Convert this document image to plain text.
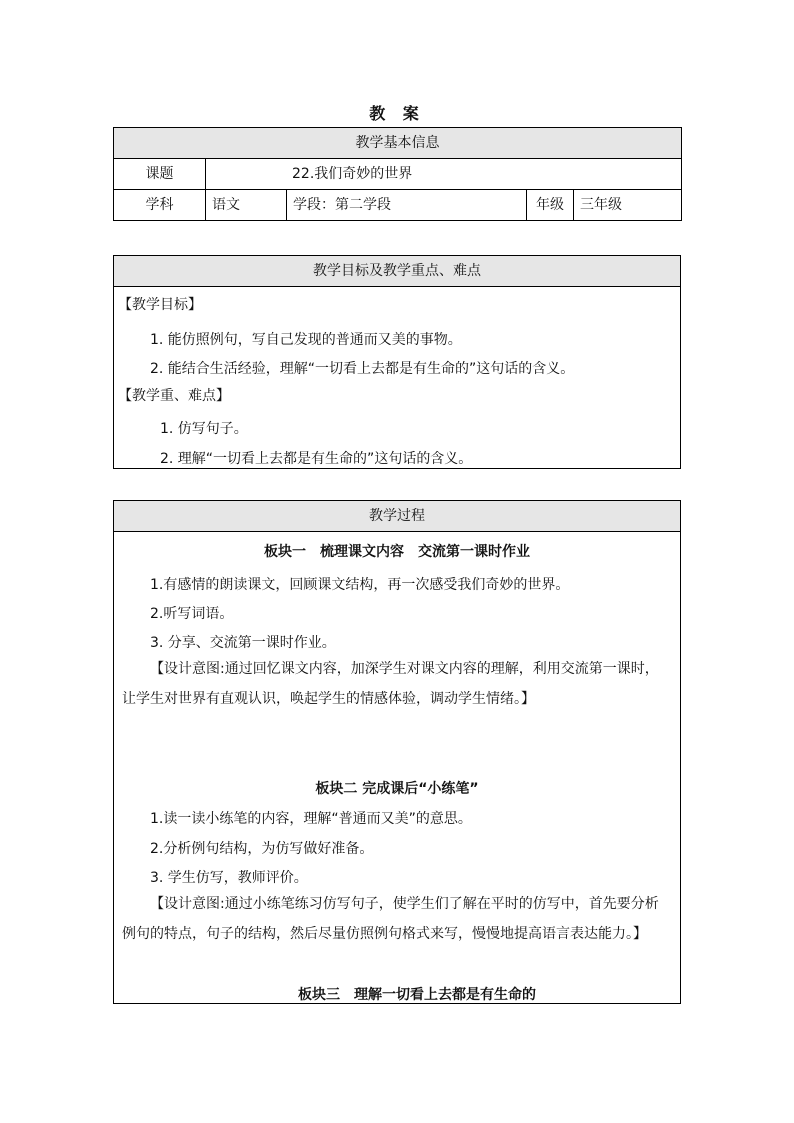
教 案
教学基本信息				
课题	22.我们奇妙的世界			
学科	语文	学段：第二学段	年级	三年级
教学目标及教学重点、难点
【教学目标】
1. 能仿照例句，写自己发现的普通而又美的事物。
2. 能结合生活经验，理解“一切看上去都是有生命的”这句话的含义。
【教学重、难点】
1. 仿写句子。
2. 理解“一切看上去都是有生命的”这句话的含义。
教学过程
板块一　梳理课文内容　交流第一课时作业
1.有感情的朗读课文，回顾课文结构，再一次感受我们奇妙的世界。
2.听写词语。
3. 分享、交流第一课时作业。
【设计意图:通过回忆课文内容，加深学生对课文内容的理解，利用交流第一课时，让学生对世界有直观认识，唤起学生的情感体验，调动学生情绪。】
板块二 完成课后“小练笔”
1.读一读小练笔的内容，理解“普通而又美”的意思。
2.分析例句结构，为仿写做好准备。
3. 学生仿写，教师评价。
【设计意图:通过小练笔练习仿写句子，使学生们了解在平时的仿写中，首先要分析例句的特点，句子的结构，然后尽量仿照例句格式来写，慢慢地提高语言表达能力。】
板块三　理解一切看上去都是有生命的
